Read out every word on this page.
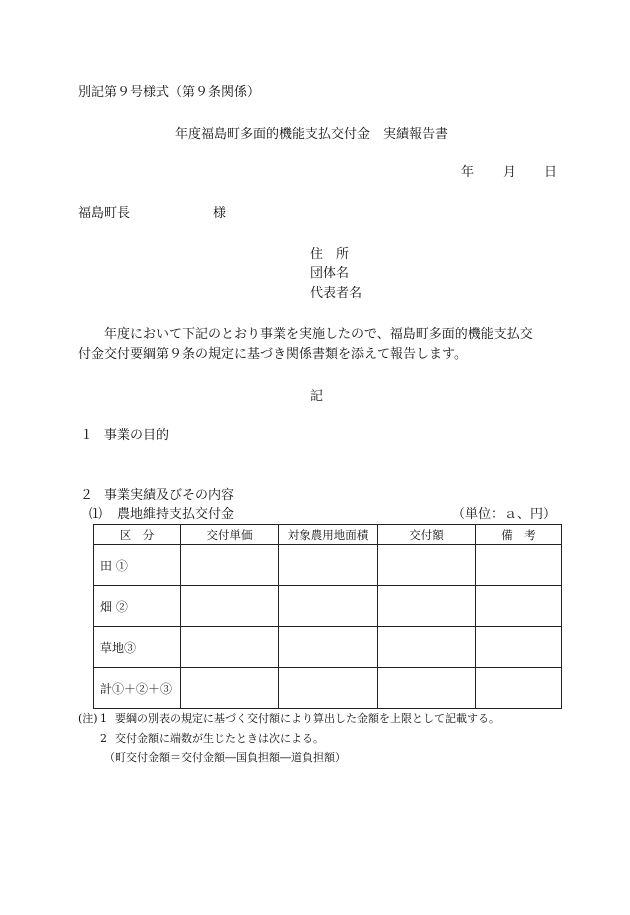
別記第９号様式（第９条関係）
年度福島町多面的機能支払交付金　実績報告書
年 月 日
福島町長	様
住　所
団体名
代表者名
年度において下記のとおり事業を実施したので、福島町多面的機能支払交
付金交付要綱第９条の規定に基づき関係書類を添えて報告します。
記
１ 事業の目的
２ 事業実績及びその内容
⑴ 農地維持支払交付金	（単位：ａ、円）
区　分	交付単価	対象農用地面積	交付額	備　考
田 ①				
畑 ②				
草地③				
計①＋②＋③				
(注) 1 要綱の別表の規定に基づく交付額により算出した金額を上限として記載する。
2 交付金額に端数が生じたときは次による。
（町交付金額＝交付金額―国負担額―道負担額）
